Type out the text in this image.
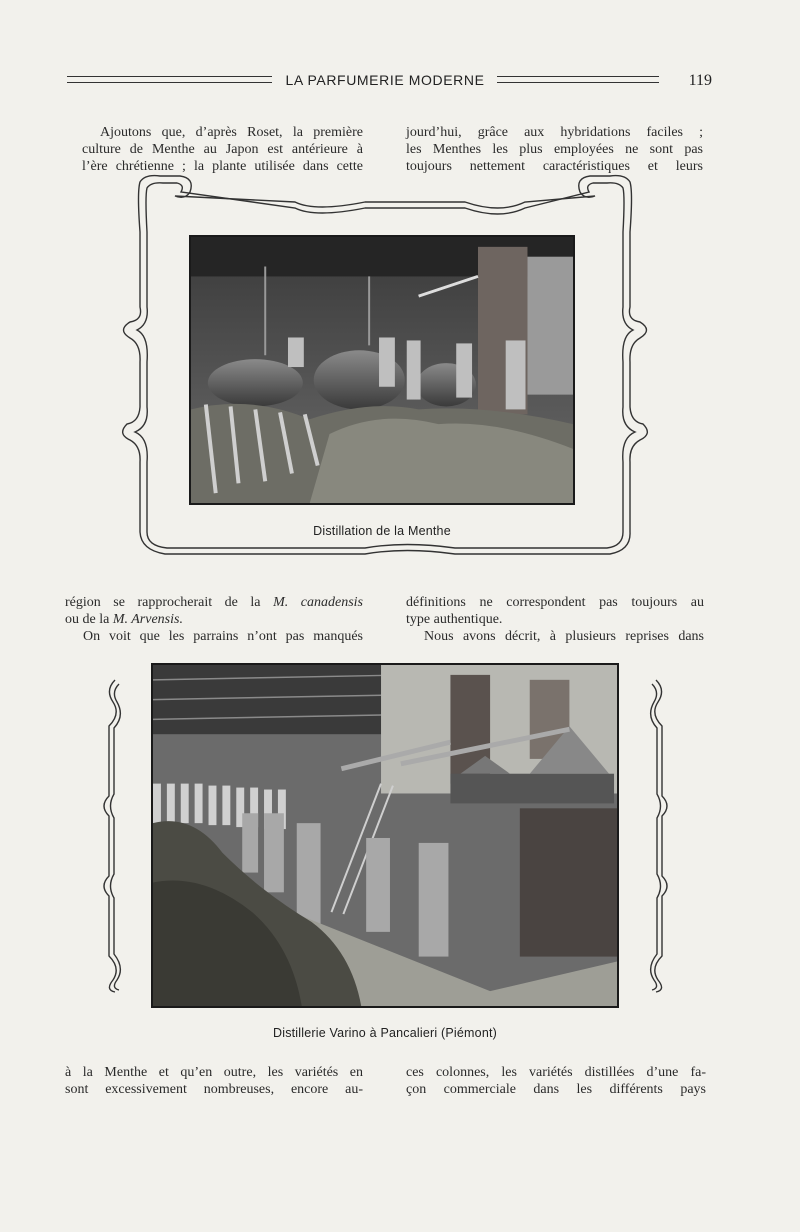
LA PARFUMERIE MODERNE	119

Ajoutons que, d’après Roset, la première

culture de Menthe au Japon est antérieure à

l’ère chrétienne ; la plante utilisée dans cette

jourd’hui, grâce aux hybridations faciles ;

les Menthes les plus employées ne sont pas

toujours nettement caractéristiques et leurs

Distillation de la Menthe

région se rapprocherait de la M. canadensis

ou de la M. Arvensis.

On voit que les parrains n’ont pas manqués

définitions ne correspondent pas toujours au

type authentique.

Nous avons décrit, à plusieurs reprises dans

Distillerie Varino à Pancalieri (Piémont)

à la Menthe et qu’en outre, les variétés en

sont excessivement nombreuses, encore au-

ces colonnes, les variétés distillées d’une fa-

çon commerciale dans les différents pays
